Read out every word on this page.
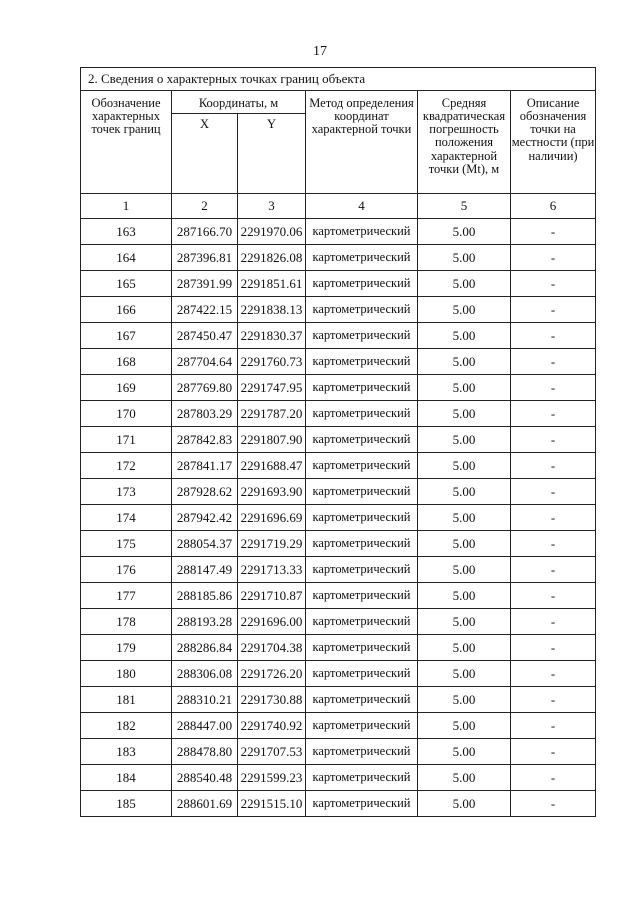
17
2. Сведения о характерных точках границ объекта					
Обозначение характерных точек границ	Координаты, м		Метод определения координат характерной точки	Средняя квадратическая погрешность положения характерной точки (Mt), м	Описание обозначения точки на местности (при наличии)
	X	Y			
1	2	3	4	5	6
163	287166.70	2291970.06	картометрический	5.00	-
164	287396.81	2291826.08	картометрический	5.00	-
165	287391.99	2291851.61	картометрический	5.00	-
166	287422.15	2291838.13	картометрический	5.00	-
167	287450.47	2291830.37	картометрический	5.00	-
168	287704.64	2291760.73	картометрический	5.00	-
169	287769.80	2291747.95	картометрический	5.00	-
170	287803.29	2291787.20	картометрический	5.00	-
171	287842.83	2291807.90	картометрический	5.00	-
172	287841.17	2291688.47	картометрический	5.00	-
173	287928.62	2291693.90	картометрический	5.00	-
174	287942.42	2291696.69	картометрический	5.00	-
175	288054.37	2291719.29	картометрический	5.00	-
176	288147.49	2291713.33	картометрический	5.00	-
177	288185.86	2291710.87	картометрический	5.00	-
178	288193.28	2291696.00	картометрический	5.00	-
179	288286.84	2291704.38	картометрический	5.00	-
180	288306.08	2291726.20	картометрический	5.00	-
181	288310.21	2291730.88	картометрический	5.00	-
182	288447.00	2291740.92	картометрический	5.00	-
183	288478.80	2291707.53	картометрический	5.00	-
184	288540.48	2291599.23	картометрический	5.00	-
185	288601.69	2291515.10	картометрический	5.00	-
